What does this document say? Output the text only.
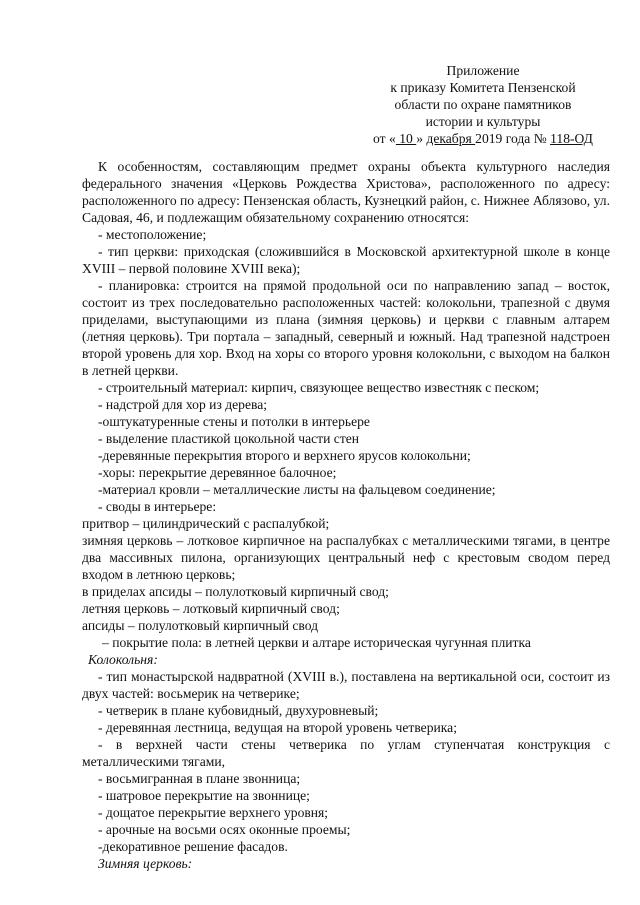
Приложение
к приказу Комитета Пензенской
области по охране памятников
истории и культуры
от « 10 » декабря 2019 года № 118-ОД

К особенностям, составляющим предмет охраны объекта культурного наследия федерального значения «Церковь Рождества Христова», расположенного по адресу: расположенного по адресу: Пензенская область, Кузнецкий район, с. Нижнее Аблязово, ул. Садовая, 46, и подлежащим обязательному сохранению относятся:

- местоположение;

- тип церкви: приходская (сложившийся в Московской архитектурной школе в конце XVIII – первой половине XVIII века);

- планировка: строится на прямой продольной оси по направлению запад – восток, состоит из трех последовательно расположенных частей: колокольни, трапезной с двумя приделами, выступающими из плана (зимняя церковь) и церкви с главным алтарем (летняя церковь). Три портала – западный, северный и южный. Над трапезной надстроен второй уровень для хор. Вход на хоры со второго уровня колокольни, с выходом на балкон в летней церкви.

- строительный материал: кирпич, связующее вещество известняк с песком;

- надстрой для хор из дерева;

-оштукатуренные стены и потолки в интерьере

- выделение пластикой цокольной части стен

-деревянные перекрытия второго и верхнего ярусов колокольни;

-хоры: перекрытие деревянное балочное;

-материал кровли – металлические листы на фальцевом соединение;

- своды в интерьере:

притвор – цилиндрический с распалубкой;

зимняя церковь – лотковое кирпичное на распалубках с металлическими тягами, в центре два массивных пилона, организующих центральный неф с крестовым сводом перед входом в летнюю церковь;

в приделах апсиды – полулотковый кирпичный свод;

летняя церковь – лотковый кирпичный свод;

апсиды – полулотковый кирпичный свод

– покрытие пола: в летней церкви и алтаре историческая чугунная плитка

Колокольня:

- тип монастырской надвратной (XVIII в.), поставлена на вертикальной оси, состоит из двух частей: восьмерик на четверике;

- четверик в плане кубовидный, двухуровневый;

- деревянная лестница, ведущая на второй уровень четверика;

- в верхней части стены четверика по углам ступенчатая конструкция с металлическими тягами,

- восьмигранная в плане звонница;

- шатровое перекрытие на звоннице;

- дощатое перекрытие верхнего уровня;

- арочные на восьми осях оконные проемы;

-декоративное решение фасадов.

Зимняя церковь:
